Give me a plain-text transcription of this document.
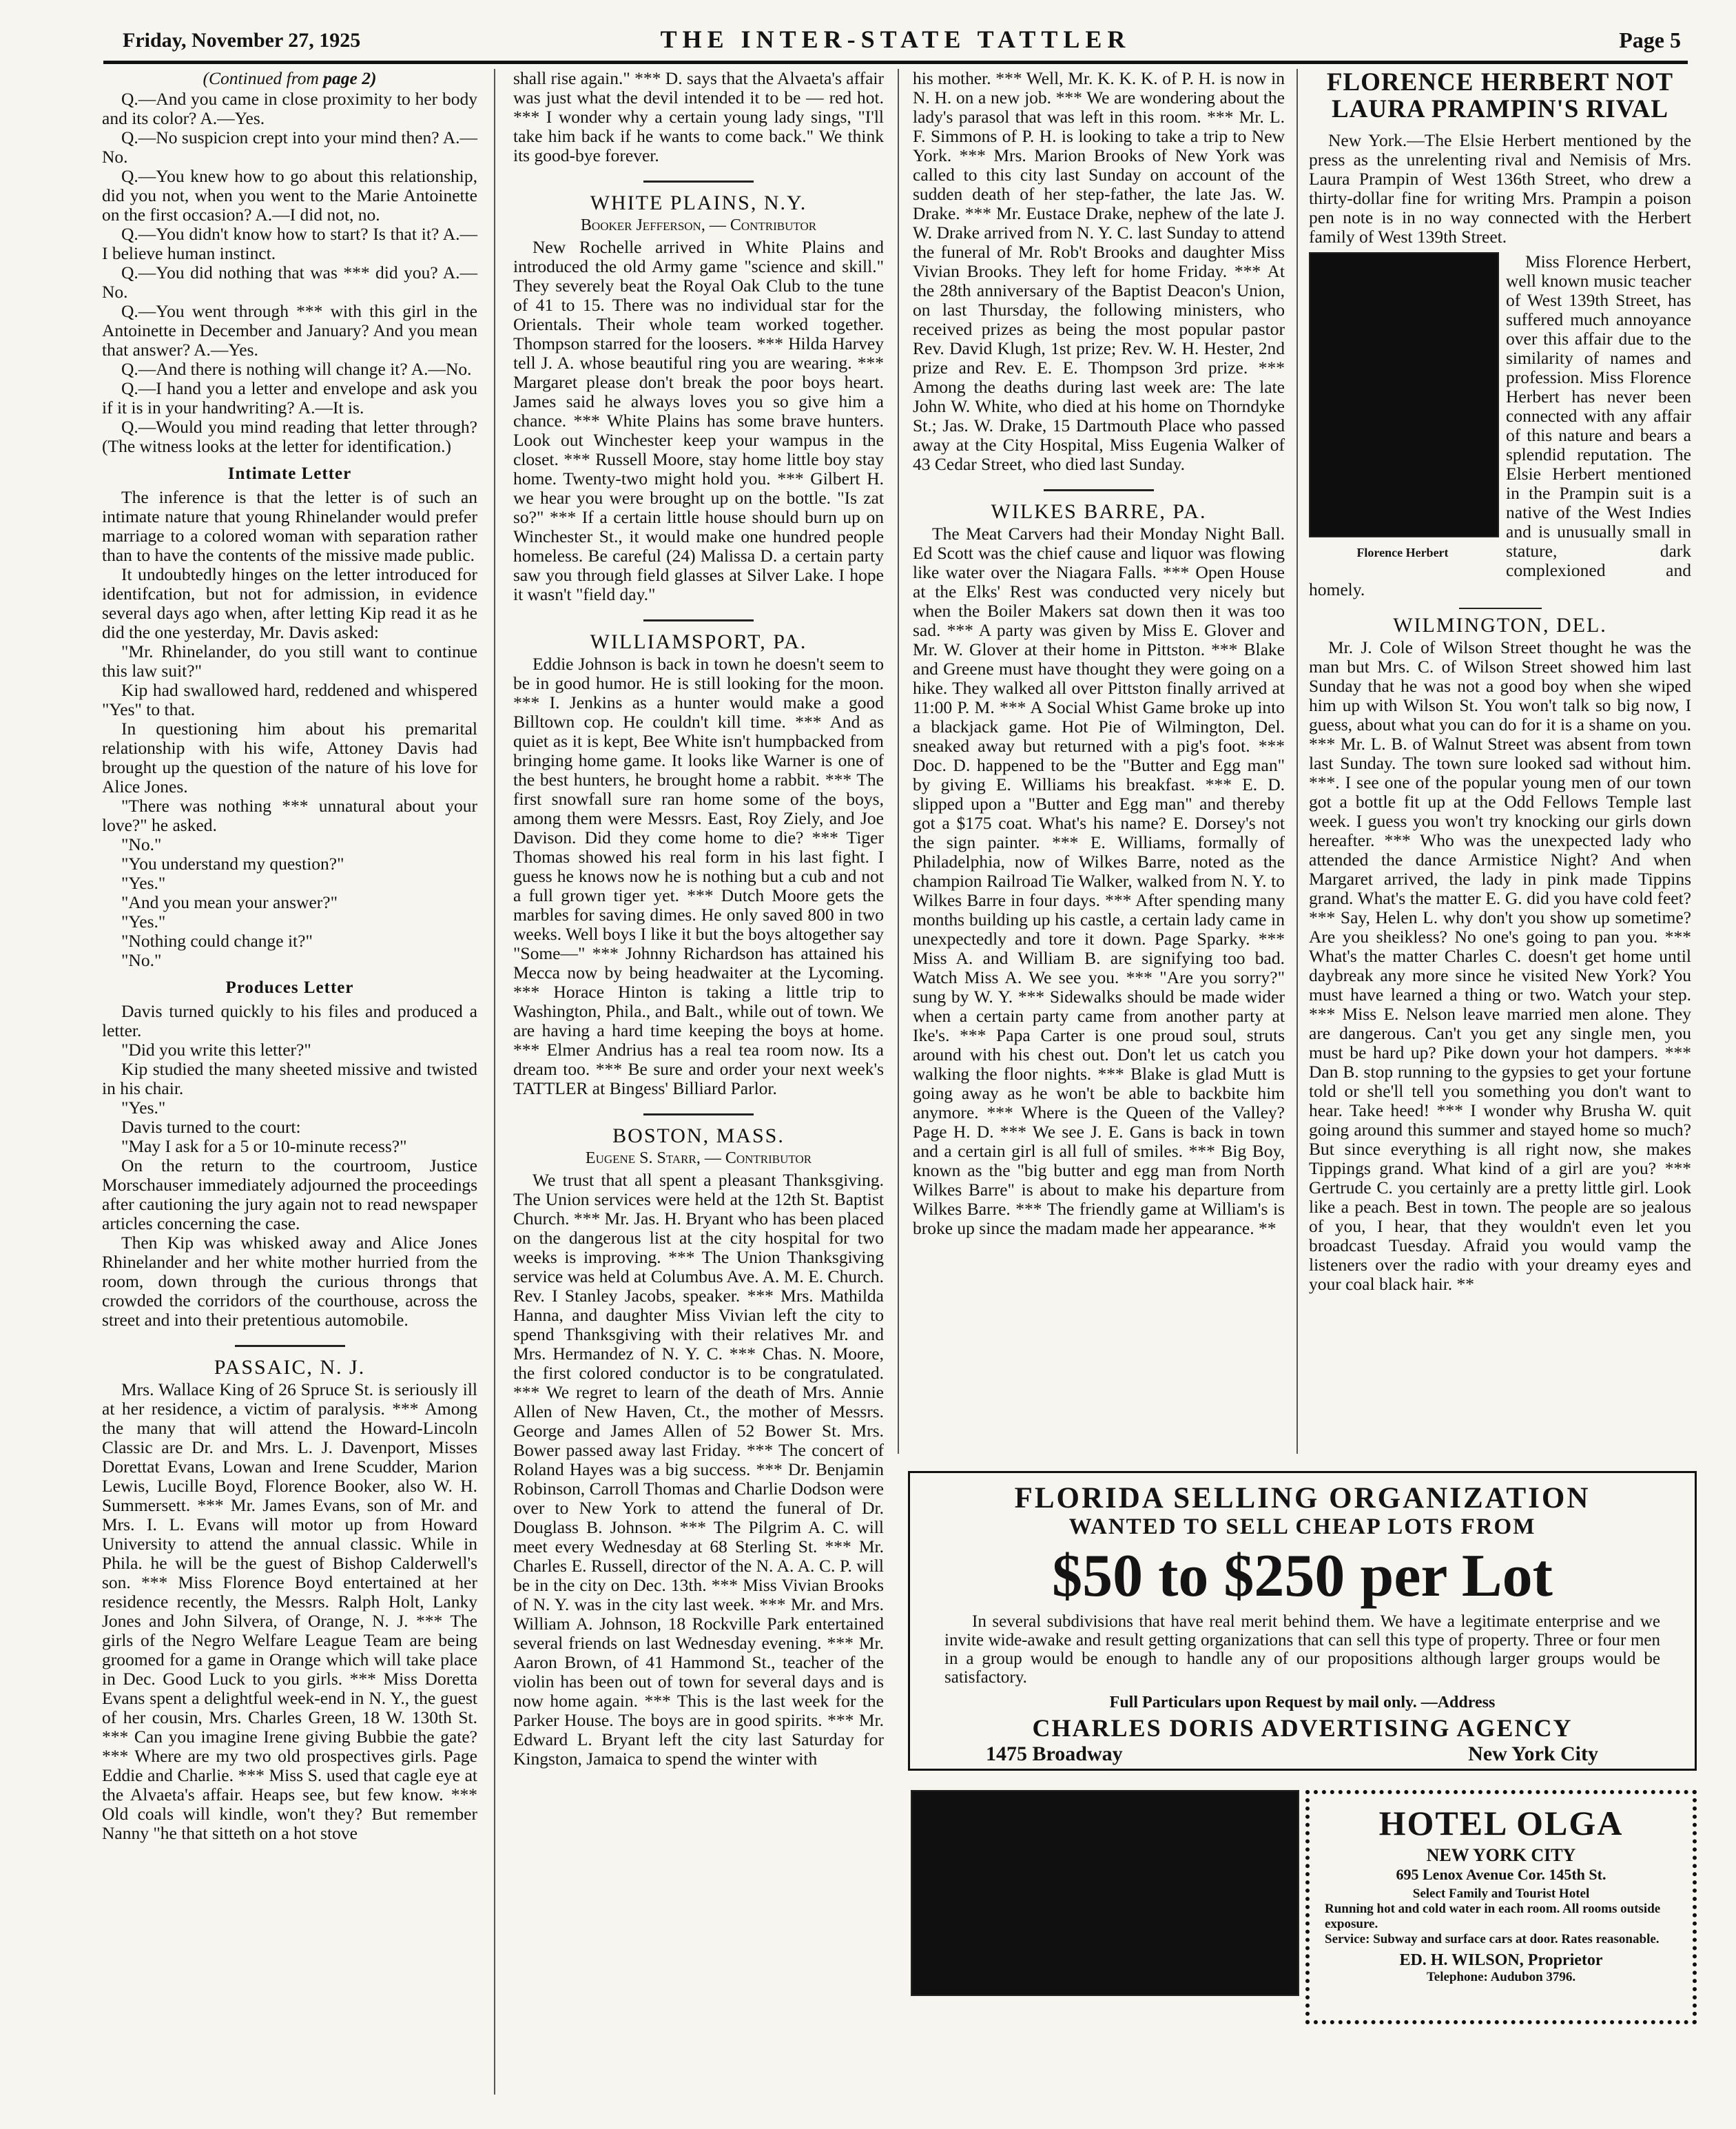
Friday, November 27, 1925	THE INTER-STATE TATTLER	Page 5

(Continued from page 2)

Q.—And you came in close proximity to her body and its color? A.—Yes.

Q.—No suspicion crept into your mind then? A.—No.

Q.—You knew how to go about this relationship, did you not, when you went to the Marie Antoinette on the first occasion? A.—I did not, no.

Q.—You didn't know how to start? Is that it? A.—I believe human instinct.

Q.—You did nothing that was *** did you? A.—No.

Q.—You went through *** with this girl in the Antoinette in December and January? And you mean that answer? A.—Yes.

Q.—And there is nothing will change it? A.—No.

Q.—I hand you a letter and envelope and ask you if it is in your handwriting? A.—It is.

Q.—Would you mind reading that letter through? (The witness looks at the letter for identification.)

Intimate Letter

The inference is that the letter is of such an intimate nature that young Rhinelander would prefer marriage to a colored woman with separation rather than to have the contents of the missive made public.

It undoubtedly hinges on the letter introduced for identifcation, but not for admission, in evidence several days ago when, after letting Kip read it as he did the one yesterday, Mr. Davis asked:

"Mr. Rhinelander, do you still want to continue this law suit?"

Kip had swallowed hard, reddened and whispered "Yes" to that.

In questioning him about his premarital relationship with his wife, Attoney Davis had brought up the question of the nature of his love for Alice Jones.

"There was nothing *** unnatural about your love?" he asked.

"No."

"You understand my question?"

"Yes."

"And you mean your answer?"

"Yes."

"Nothing could change it?"

"No."

Produces Letter

Davis turned quickly to his files and produced a letter.

"Did you write this letter?"

Kip studied the many sheeted missive and twisted in his chair.

"Yes."

Davis turned to the court:

"May I ask for a 5 or 10-minute recess?"

On the return to the courtroom, Justice Morschauser immediately adjourned the proceedings after cautioning the jury again not to read newspaper articles concerning the case.

Then Kip was whisked away and Alice Jones Rhinelander and her white mother hurried from the room, down through the curious throngs that crowded the corridors of the courthouse, across the street and into their pretentious automobile.

PASSAIC, N. J.

Mrs. Wallace King of 26 Spruce St. is seriously ill at her residence, a victim of paralysis. *** Among the many that will attend the Howard-Lincoln Classic are Dr. and Mrs. L. J. Davenport, Misses Dorettat Evans, Lowan and Irene Scudder, Marion Lewis, Lucille Boyd, Florence Booker, also W. H. Summersett. *** Mr. James Evans, son of Mr. and Mrs. I. L. Evans will motor up from Howard University to attend the annual classic. While in Phila. he will be the guest of Bishop Calderwell's son. *** Miss Florence Boyd entertained at her residence recently, the Messrs. Ralph Holt, Lanky Jones and John Silvera, of Orange, N. J. *** The girls of the Negro Welfare League Team are being groomed for a game in Orange which will take place in Dec. Good Luck to you girls. *** Miss Doretta Evans spent a delightful week-end in N. Y., the guest of her cousin, Mrs. Charles Green, 18 W. 130th St. *** Can you imagine Irene giving Bubbie the gate? *** Where are my two old prospectives girls. Page Eddie and Charlie. *** Miss S. used that cagle eye at the Alvaeta's affair. Heaps see, but few know. *** Old coals will kindle, won't they? But remember Nanny "he that sitteth on a hot stove

shall rise again." *** D. says that the Alvaeta's affair was just what the devil intended it to be — red hot. *** I wonder why a certain young lady sings, "I'll take him back if he wants to come back." We think its good-bye forever.

WHITE PLAINS, N.Y.
Booker Jefferson, — Contributor

New Rochelle arrived in White Plains and introduced the old Army game "science and skill." They severely beat the Royal Oak Club to the tune of 41 to 15. There was no individual star for the Orientals. Their whole team worked together. Thompson starred for the loosers. *** Hilda Harvey tell J. A. whose beautiful ring you are wearing. *** Margaret please don't break the poor boys heart. James said he always loves you so give him a chance. *** White Plains has some brave hunters. Look out Winchester keep your wampus in the closet. *** Russell Moore, stay home little boy stay home. Twenty-two might hold you. *** Gilbert H. we hear you were brought up on the bottle. "Is zat so?" *** If a certain little house should burn up on Winchester St., it would make one hundred people homeless. Be careful (24) Malissa D. a certain party saw you through field glasses at Silver Lake. I hope it wasn't "field day."

WILLIAMSPORT, PA.

Eddie Johnson is back in town he doesn't seem to be in good humor. He is still looking for the moon. *** I. Jenkins as a hunter would make a good Billtown cop. He couldn't kill time. *** And as quiet as it is kept, Bee White isn't humpbacked from bringing home game. It looks like Warner is one of the best hunters, he brought home a rabbit. *** The first snowfall sure ran home some of the boys, among them were Messrs. East, Roy Ziely, and Joe Davison. Did they come home to die? *** Tiger Thomas showed his real form in his last fight. I guess he knows now he is nothing but a cub and not a full grown tiger yet. *** Dutch Moore gets the marbles for saving dimes. He only saved 800 in two weeks. Well boys I like it but the boys altogether say "Some—" *** Johnny Richardson has attained his Mecca now by being headwaiter at the Lycoming. *** Horace Hinton is taking a little trip to Washington, Phila., and Balt., while out of town. We are having a hard time keeping the boys at home. *** Elmer Andrius has a real tea room now. Its a dream too. *** Be sure and order your next week's TATTLER at Bingess' Billiard Parlor.

BOSTON, MASS.
Eugene S. Starr, — Contributor

We trust that all spent a pleasant Thanksgiving. The Union services were held at the 12th St. Baptist Church. *** Mr. Jas. H. Bryant who has been placed on the dangerous list at the city hospital for two weeks is improving. *** The Union Thanksgiving service was held at Columbus Ave. A. M. E. Church. Rev. I Stanley Jacobs, speaker. *** Mrs. Mathilda Hanna, and daughter Miss Vivian left the city to spend Thanksgiving with their relatives Mr. and Mrs. Hermandez of N. Y. C. *** Chas. N. Moore, the first colored conductor is to be congratulated. *** We regret to learn of the death of Mrs. Annie Allen of New Haven, Ct., the mother of Messrs. George and James Allen of 52 Bower St. Mrs. Bower passed away last Friday. *** The concert of Roland Hayes was a big success. *** Dr. Benjamin Robinson, Carroll Thomas and Charlie Dodson were over to New York to attend the funeral of Dr. Douglass B. Johnson. *** The Pilgrim A. C. will meet every Wednesday at 68 Sterling St. *** Mr. Charles E. Russell, director of the N. A. A. C. P. will be in the city on Dec. 13th. *** Miss Vivian Brooks of N. Y. was in the city last week. *** Mr. and Mrs. William A. Johnson, 18 Rockville Park entertained several friends on last Wednesday evening. *** Mr. Aaron Brown, of 41 Hammond St., teacher of the violin has been out of town for several days and is now home again. *** This is the last week for the Parker House. The boys are in good spirits. *** Mr. Edward L. Bryant left the city last Saturday for Kingston, Jamaica to spend the winter with

his mother. *** Well, Mr. K. K. K. of P. H. is now in N. H. on a new job. *** We are wondering about the lady's parasol that was left in this room. *** Mr. L. F. Simmons of P. H. is looking to take a trip to New York. *** Mrs. Marion Brooks of New York was called to this city last Sunday on account of the sudden death of her step-father, the late Jas. W. Drake. *** Mr. Eustace Drake, nephew of the late J. W. Drake arrived from N. Y. C. last Sunday to attend the funeral of Mr. Rob't Brooks and daughter Miss Vivian Brooks. They left for home Friday. *** At the 28th anniversary of the Baptist Deacon's Union, on last Thursday, the following ministers, who received prizes as being the most popular pastor Rev. David Klugh, 1st prize; Rev. W. H. Hester, 2nd prize and Rev. E. E. Thompson 3rd prize. *** Among the deaths during last week are: The late John W. White, who died at his home on Thorndyke St.; Jas. W. Drake, 15 Dartmouth Place who passed away at the City Hospital, Miss Eugenia Walker of 43 Cedar Street, who died last Sunday.

WILKES BARRE, PA.

The Meat Carvers had their Monday Night Ball. Ed Scott was the chief cause and liquor was flowing like water over the Niagara Falls. *** Open House at the Elks' Rest was conducted very nicely but when the Boiler Makers sat down then it was too sad. *** A party was given by Miss E. Glover and Mr. W. Glover at their home in Pittston. *** Blake and Greene must have thought they were going on a hike. They walked all over Pittston finally arrived at 11:00 P. M. *** A Social Whist Game broke up into a blackjack game. Hot Pie of Wilmington, Del. sneaked away but returned with a pig's foot. *** Doc. D. happened to be the "Butter and Egg man" by giving E. Williams his breakfast. *** E. D. slipped upon a "Butter and Egg man" and thereby got a $175 coat. What's his name? E. Dorsey's not the sign painter. *** E. Williams, formally of Philadelphia, now of Wilkes Barre, noted as the champion Railroad Tie Walker, walked from N. Y. to Wilkes Barre in four days. *** After spending many months building up his castle, a certain lady came in unexpectedly and tore it down. Page Sparky. *** Miss A. and William B. are signifying too bad. Watch Miss A. We see you. *** "Are you sorry?" sung by W. Y. *** Sidewalks should be made wider when a certain party came from another party at Ike's. *** Papa Carter is one proud soul, struts around with his chest out. Don't let us catch you walking the floor nights. *** Blake is glad Mutt is going away as he won't be able to backbite him anymore. *** Where is the Queen of the Valley? Page H. D. *** We see J. E. Gans is back in town and a certain girl is all full of smiles. *** Big Boy, known as the "big butter and egg man from North Wilkes Barre" is about to make his departure from Wilkes Barre. *** The friendly game at William's is broke up since the madam made her appearance. **

FLORENCE HERBERT NOT LAURA PRAMPIN'S RIVAL

New York.—The Elsie Herbert mentioned by the press as the unrelenting rival and Nemisis of Mrs. Laura Prampin of West 136th Street, who drew a thirty-dollar fine for writing Mrs. Prampin a poison pen note is in no way connected with the Herbert family of West 139th Street.

Florence Herbert

Miss Florence Herbert, well known music teacher of West 139th Street, has suffered much annoyance over this affair due to the similarity of names and profession. Miss Florence Herbert has never been connected with any affair of this nature and bears a splendid reputation. The Elsie Herbert mentioned in the Prampin suit is a native of the West Indies and is unusually small in stature, dark complexioned and homely.

WILMINGTON, DEL.

Mr. J. Cole of Wilson Street thought he was the man but Mrs. C. of Wilson Street showed him last Sunday that he was not a good boy when she wiped him up with Wilson St. You won't talk so big now, I guess, about what you can do for it is a shame on you. *** Mr. L. B. of Walnut Street was absent from town last Sunday. The town sure looked sad without him. ***. I see one of the popular young men of our town got a bottle fit up at the Odd Fellows Temple last week. I guess you won't try knocking our girls down hereafter. *** Who was the unexpected lady who attended the dance Armistice Night? And when Margaret arrived, the lady in pink made Tippins grand. What's the matter E. G. did you have cold feet? *** Say, Helen L. why don't you show up sometime? Are you sheikless? No one's going to pan you. *** What's the matter Charles C. doesn't get home until daybreak any more since he visited New York? You must have learned a thing or two. Watch your step. *** Miss E. Nelson leave married men alone. They are dangerous. Can't you get any single men, you must be hard up? Pike down your hot dampers. *** Dan B. stop running to the gypsies to get your fortune told or she'll tell you something you don't want to hear. Take heed! *** I wonder why Brusha W. quit going around this summer and stayed home so much? But since everything is all right now, she makes Tippings grand. What kind of a girl are you? *** Gertrude C. you certainly are a pretty little girl. Look like a peach. Best in town. The people are so jealous of you, I hear, that they wouldn't even let you broadcast Tuesday. Afraid you would vamp the listeners over the radio with your dreamy eyes and your coal black hair. **

FLORIDA SELLING ORGANIZATION
WANTED TO SELL CHEAP LOTS FROM
$50 to $250 per Lot

In several subdivisions that have real merit behind them. We have a legitimate enterprise and we invite wide-awake and result getting organizations that can sell this type of property. Three or four men in a group would be enough to handle any of our propositions although larger groups would be satisfactory.

Full Particulars upon Request by mail only. —Address
CHARLES DORIS ADVERTISING AGENCY
1475 Broadway	New York City
HOTEL OLGA
NEW YORK CITY
695 Lenox Avenue Cor. 145th St.
Select Family and Tourist Hotel
Running hot and cold water in each room. All rooms outside exposure.
Service: Subway and surface cars at door. Rates reasonable.
ED. H. WILSON, Proprietor
Telephone: Audubon 3796.
